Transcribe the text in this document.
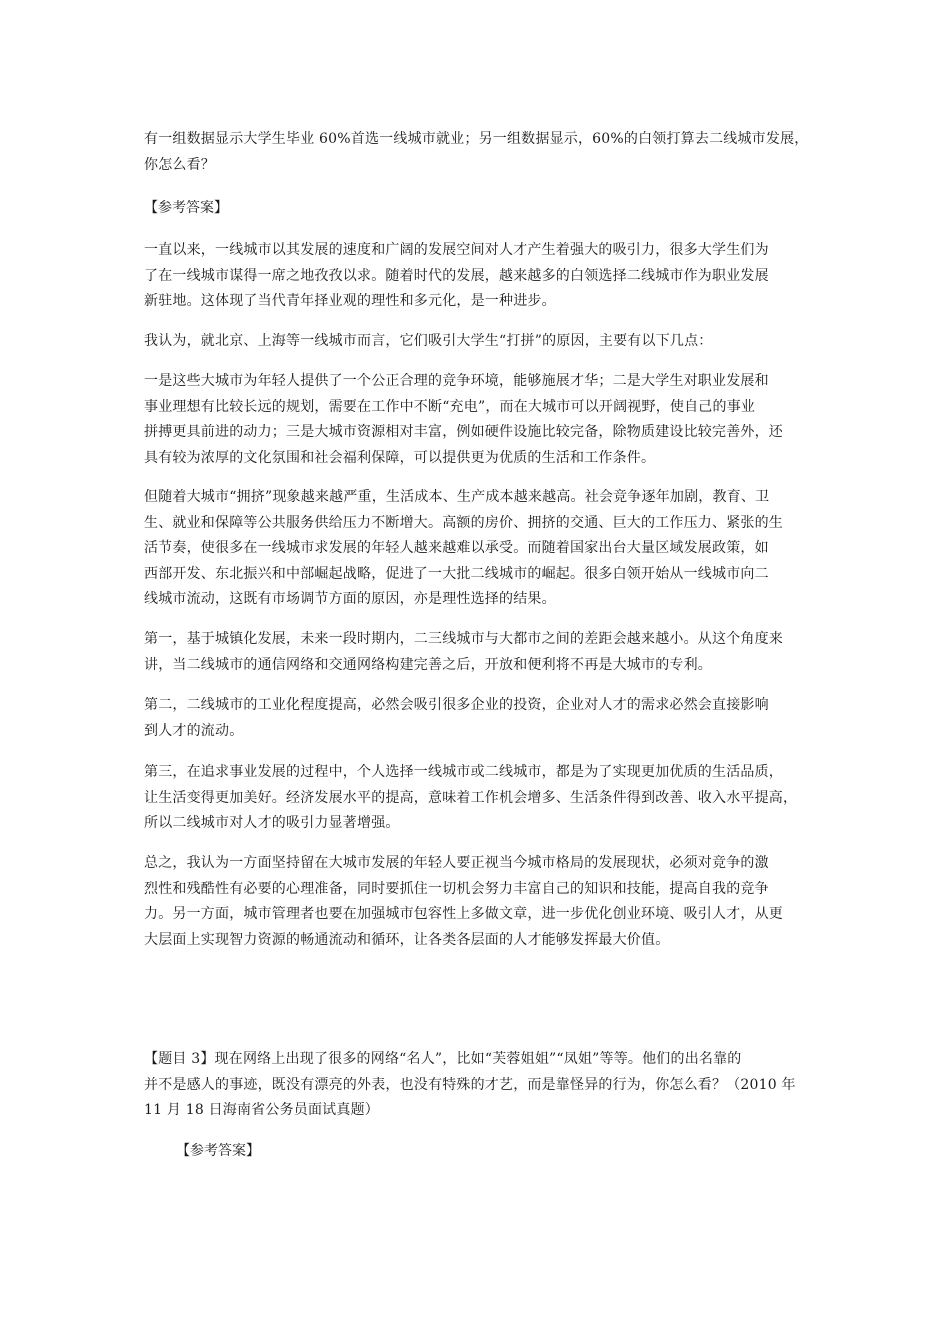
有一组数据显示大学生毕业 60%首选一线城市就业；另一组数据显示，60%的白领打算去二线城市发展，
你怎么看？
【参考答案】
一直以来，一线城市以其发展的速度和广阔的发展空间对人才产生着强大的吸引力，很多大学生们为
了在一线城市谋得一席之地孜孜以求。随着时代的发展，越来越多的白领选择二线城市作为职业发展
新驻地。这体现了当代青年择业观的理性和多元化，是一种进步。
我认为，就北京、上海等一线城市而言，它们吸引大学生“打拼”的原因，主要有以下几点：
一是这些大城市为年轻人提供了一个公正合理的竞争环境，能够施展才华；二是大学生对职业发展和
事业理想有比较长远的规划，需要在工作中不断“充电”，而在大城市可以开阔视野，使自己的事业
拼搏更具前进的动力；三是大城市资源相对丰富，例如硬件设施比较完备，除物质建设比较完善外，还
具有较为浓厚的文化氛围和社会福利保障，可以提供更为优质的生活和工作条件。
但随着大城市“拥挤”现象越来越严重，生活成本、生产成本越来越高。社会竞争逐年加剧，教育、卫
生、就业和保障等公共服务供给压力不断增大。高额的房价、拥挤的交通、巨大的工作压力、紧张的生
活节奏，使很多在一线城市求发展的年轻人越来越难以承受。而随着国家出台大量区域发展政策，如
西部开发、东北振兴和中部崛起战略，促进了一大批二线城市的崛起。很多白领开始从一线城市向二
线城市流动，这既有市场调节方面的原因，亦是理性选择的结果。
第一，基于城镇化发展，未来一段时期内，二三线城市与大都市之间的差距会越来越小。从这个角度来
讲，当二线城市的通信网络和交通网络构建完善之后，开放和便利将不再是大城市的专利。
第二，二线城市的工业化程度提高，必然会吸引很多企业的投资，企业对人才的需求必然会直接影响
到人才的流动。
第三，在追求事业发展的过程中，个人选择一线城市或二线城市，都是为了实现更加优质的生活品质，
让生活变得更加美好。经济发展水平的提高，意味着工作机会增多、生活条件得到改善、收入水平提高，
所以二线城市对人才的吸引力显著增强。
总之，我认为一方面坚持留在大城市发展的年轻人要正视当今城市格局的发展现状，必须对竞争的激
烈性和残酷性有必要的心理准备，同时要抓住一切机会努力丰富自己的知识和技能，提高自我的竞争
力。另一方面，城市管理者也要在加强城市包容性上多做文章，进一步优化创业环境、吸引人才，从更
大层面上实现智力资源的畅通流动和循环，让各类各层面的人才能够发挥最大价值。
【题目 3】现在网络上出现了很多的网络“名人”，比如“芙蓉姐姐”“凤姐”等等。他们的出名靠的
并不是感人的事迹，既没有漂亮的外表，也没有特殊的才艺，而是靠怪异的行为，你怎么看？（2010 年
11 月 18 日海南省公务员面试真题）
【参考答案】
